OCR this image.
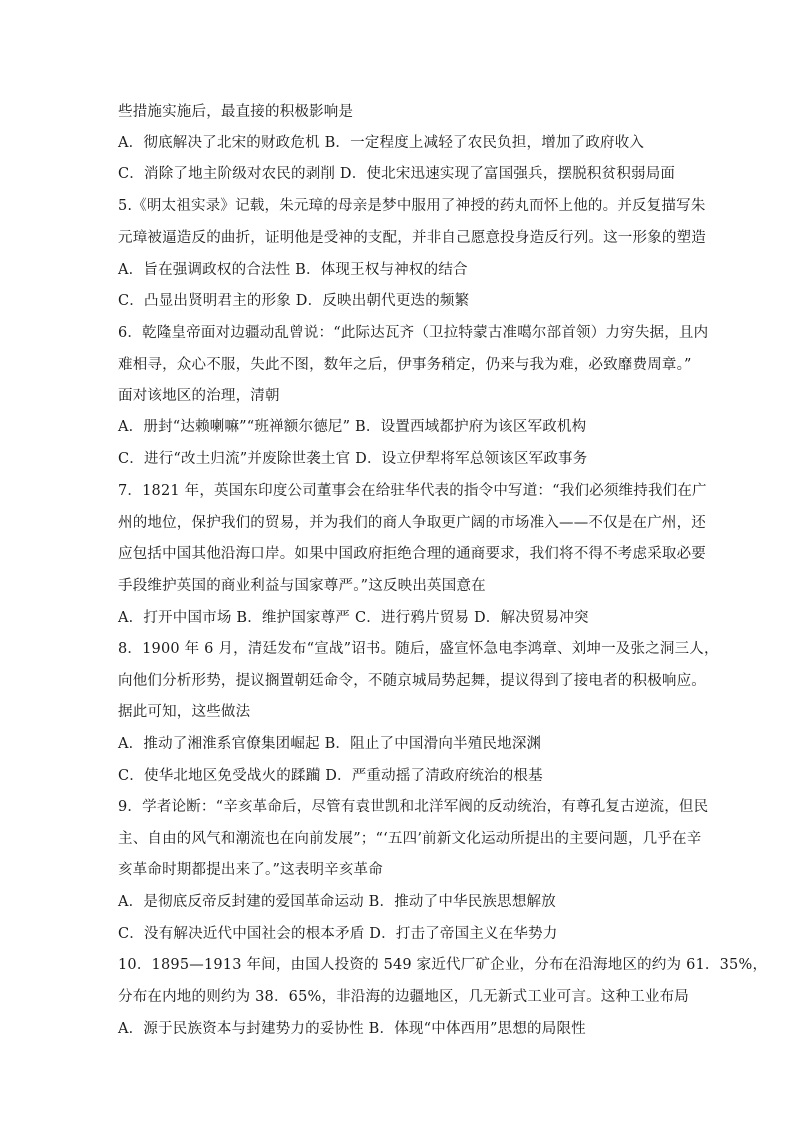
些措施实施后，最直接的积极影响是
A．彻底解决了北宋的财政危机 B．一定程度上减轻了农民负担，增加了政府收入
C．消除了地主阶级对农民的剥削 D．使北宋迅速实现了富国强兵，摆脱积贫积弱局面
5.《明太祖实录》记载，朱元璋的母亲是梦中服用了神授的药丸而怀上他的。并反复描写朱
元璋被逼造反的曲折，证明他是受神的支配，并非自己愿意投身造反行列。这一形象的塑造
A．旨在强调政权的合法性 B．体现王权与神权的结合
C．凸显出贤明君主的形象 D．反映出朝代更迭的频繁
6．乾隆皇帝面对边疆动乱曾说：“此际达瓦齐（卫拉特蒙古准噶尔部首领）力穷失据，且内
难相寻，众心不服，失此不图，数年之后，伊事务稍定，仍来与我为难，必致靡费周章。”
面对该地区的治理，清朝
A．册封“达赖喇嘛”“班禅额尔德尼” B．设置西域都护府为该区军政机构
C．进行“改土归流”并废除世袭土官 D．设立伊犁将军总领该区军政事务
7．1821 年，英国东印度公司董事会在给驻华代表的指令中写道：“我们必须维持我们在广
州的地位，保护我们的贸易，并为我们的商人争取更广阔的市场准入——不仅是在广州，还
应包括中国其他沿海口岸。如果中国政府拒绝合理的通商要求，我们将不得不考虑采取必要
手段维护英国的商业利益与国家尊严。”这反映出英国意在
A．打开中国市场 B．维护国家尊严 C．进行鸦片贸易 D．解决贸易冲突
8．1900 年 6 月，清廷发布“宣战”诏书。随后，盛宣怀急电李鸿章、刘坤一及张之洞三人，
向他们分析形势，提议搁置朝廷命令，不随京城局势起舞，提议得到了接电者的积极响应。
据此可知，这些做法
A．推动了湘淮系官僚集团崛起 B．阻止了中国滑向半殖民地深渊
C．使华北地区免受战火的蹂躏 D．严重动摇了清政府统治的根基
9．学者论断：“辛亥革命后，尽管有袁世凯和北洋军阀的反动统治，有尊孔复古逆流，但民
主、自由的风气和潮流也在向前发展”；“‘五四’前新文化运动所提出的主要问题，几乎在辛
亥革命时期都提出来了。”这表明辛亥革命
A．是彻底反帝反封建的爱国革命运动 B．推动了中华民族思想解放
C．没有解决近代中国社会的根本矛盾 D．打击了帝国主义在华势力
10．1895—1913 年间，由国人投资的 549 家近代厂矿企业，分布在沿海地区的约为 61．35%，
分布在内地的则约为 38．65%，非沿海的边疆地区，几无新式工业可言。这种工业布局
A．源于民族资本与封建势力的妥协性 B．体现“中体西用”思想的局限性
